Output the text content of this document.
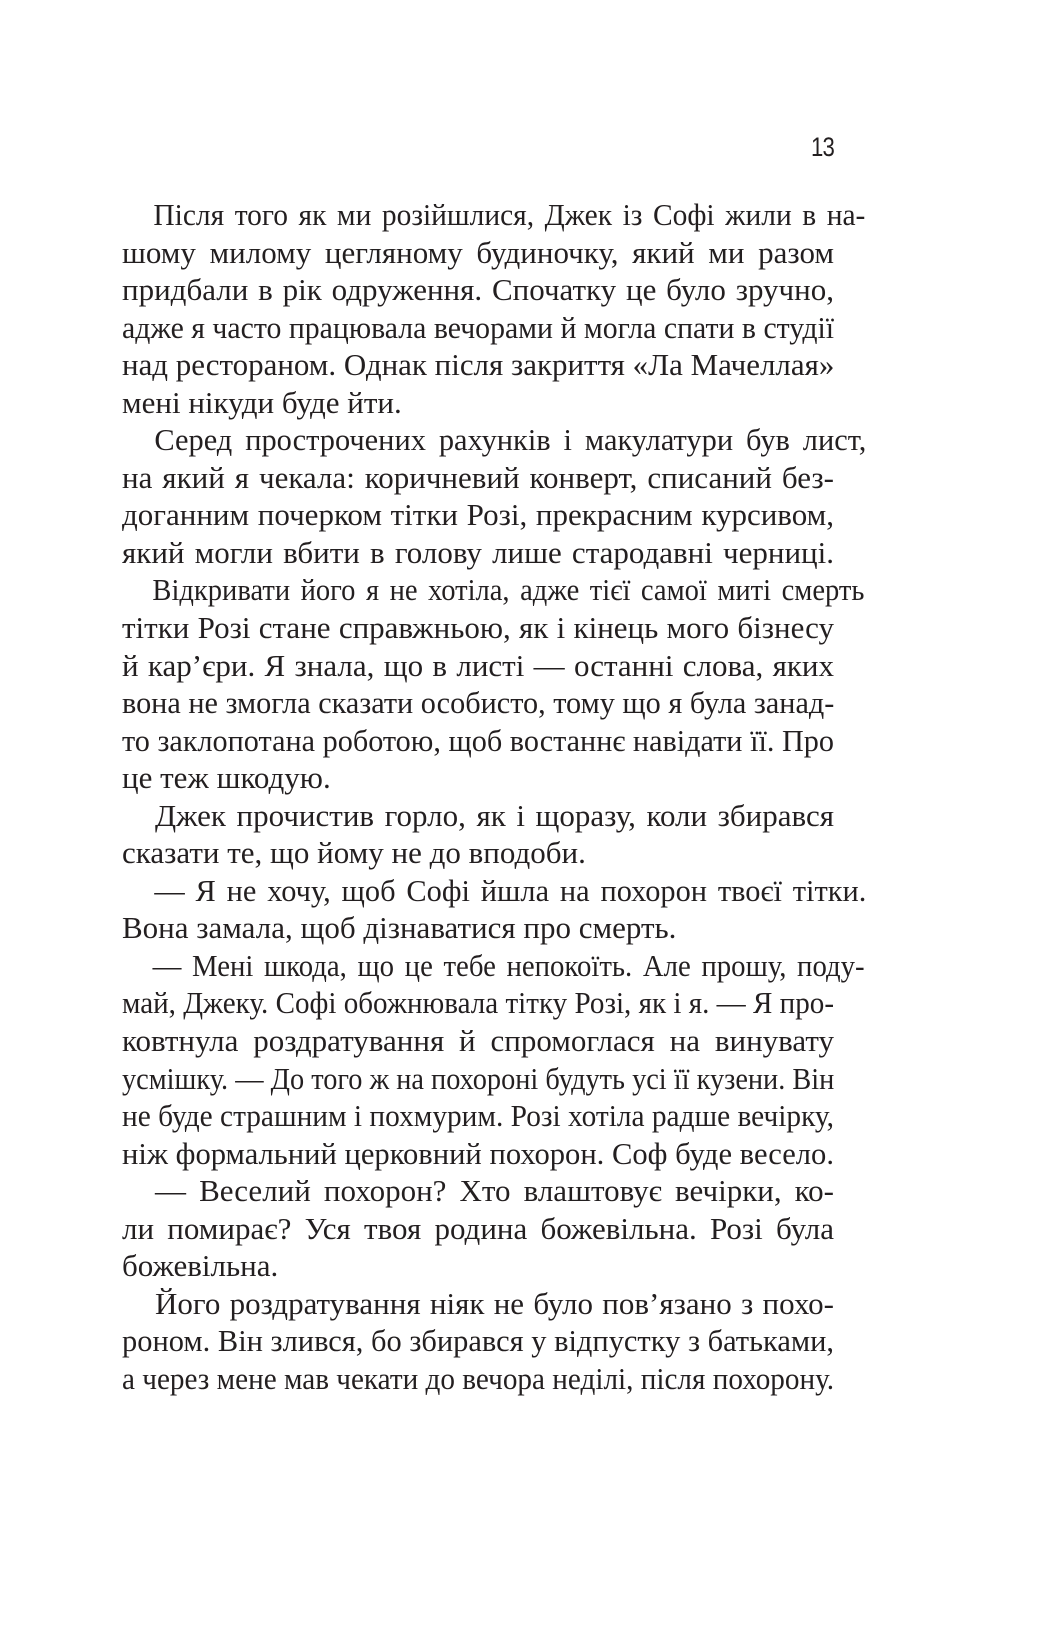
13
Після того як ми розійшлися, Джек із Софі жили в на-
шому милому цегляному будиночку, який ми разом
придбали в рік одруження. Спочатку це було зручно,
адже я часто працювала вечорами й могла спати в студії
над рестораном. Однак після закриття «Ла Мачеллая»
мені нікуди буде йти.
Серед прострочених рахунків і макулатури був лист,
на який я чекала: коричневий конверт, списаний без-
доганним почерком тітки Розі, прекрасним курсивом,
який могли вбити в голову лише стародавні черниці.
Відкривати його я не хотіла, адже тієї самої миті смерть
тітки Розі стане справжньою, як і кінець мого бізнесу
й кар’єри. Я знала, що в листі — останні слова, яких
вона не змогла сказати особисто, тому що я була занад-
то заклопотана роботою, щоб востаннє навідати її. Про
це теж шкодую.
Джек прочистив горло, як і щоразу, коли збирався
сказати те, що йому не до вподоби.
— Я не хочу, щоб Софі йшла на похорон твоєї тітки.
Вона замала, щоб дізнаватися про смерть.
— Мені шкода, що це тебе непокоїть. Але прошу, поду-
май, Джеку. Софі обожнювала тітку Розі, як і я. — Я про-
ковтнула роздратування й спромоглася на винувату
усмішку. — До того ж на похороні будуть усі її кузени. Він
не буде страшним і похмурим. Розі хотіла радше вечірку,
ніж формальний церковний похорон. Соф буде весело.
— Веселий похорон? Хто влаштовує вечірки, ко-
ли помирає? Уся твоя родина божевільна. Розі була
божевільна.
Його роздратування ніяк не було пов’язано з похо-
роном. Він злився, бо збирався у відпустку з батьками,
а через мене мав чекати до вечора неділі, після похорону.
